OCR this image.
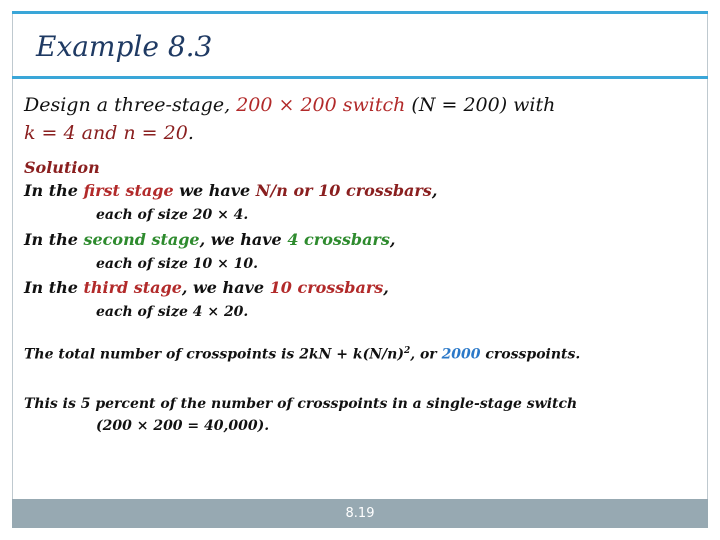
Example 8.3
Design a three-stage, 200 × 200 switch (N = 200) with
k = 4 and n = 20.
Solution
In the first stage we have N/n or 10 crossbars,
each of size 20 × 4.
In the second stage, we have 4 crossbars,
each of size 10 × 10.
In the third stage, we have 10 crossbars,
each of size 4 × 20.
The total number of crosspoints is $2kN + k(N/n)^2$, or 2000 crosspoints.
This is 5 percent of the number of crosspoints in a single-stage switch
(200 × 200 = 40,000).
8.19
